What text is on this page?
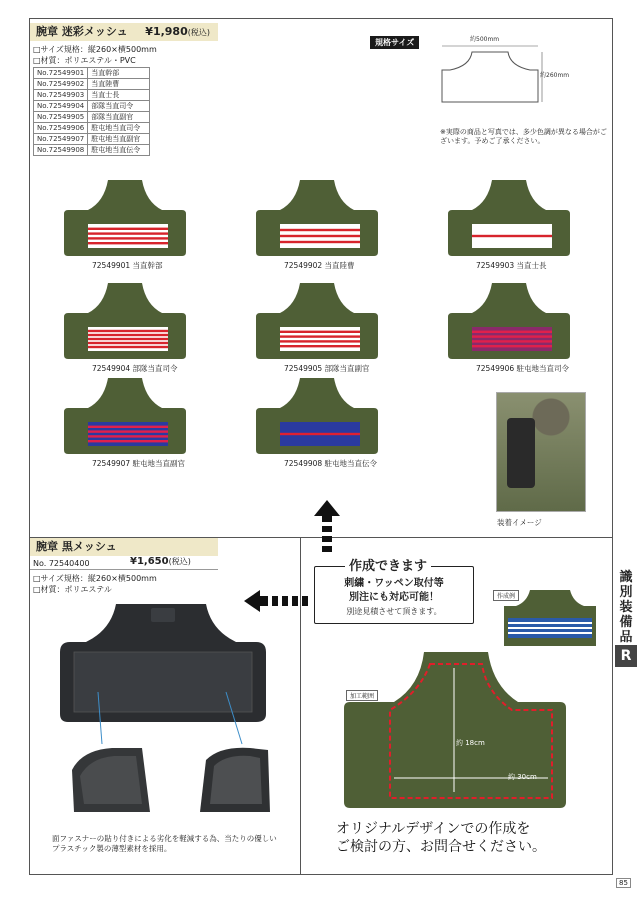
腕章 迷彩メッシュ ¥1,980(税込)
□サイズ規格：縦260×横500mm
□材質：ポリエステル・PVC
No.72549901	当直幹部
No.72549902	当直陸曹
No.72549903	当直士長
No.72549904	部隊当直司令
No.72549905	部隊当直副官
No.72549906	駐屯地当直司令
No.72549907	駐屯地当直副官
No.72549908	駐屯地当直伝令
規格サイズ	約500mm
約260mm
※実際の商品と写真では、多少色調が異なる場合がございます。予めご了承ください。
72549901 当直幹部	72549902 当直陸曹	72549903 当直士長
72549904 部隊当直司令	72549905 部隊当直副官	72549906 駐屯地当直司令
72549907 駐屯地当直副官	72549908 駐屯地当直伝令
装着イメージ
腕章 黒メッシュ
No. 72540400	¥1,650(税込)
□サイズ規格：縦260×横500mm
□材質：ポリエステル
面ファスナーの貼り付きによる劣化を軽減する為、当たりの優しいプラスチック製の薄型素材を採用。
刺繍・ワッペン取付等
別注にも対応可能！
別途見積させて頂きます。
作成できます
作成例
加工範囲
約 18cm
約 30cm
オリジナルデザインでの作成を
ご検討の方、お問合せください。
識
別
装
備
品
R
85
